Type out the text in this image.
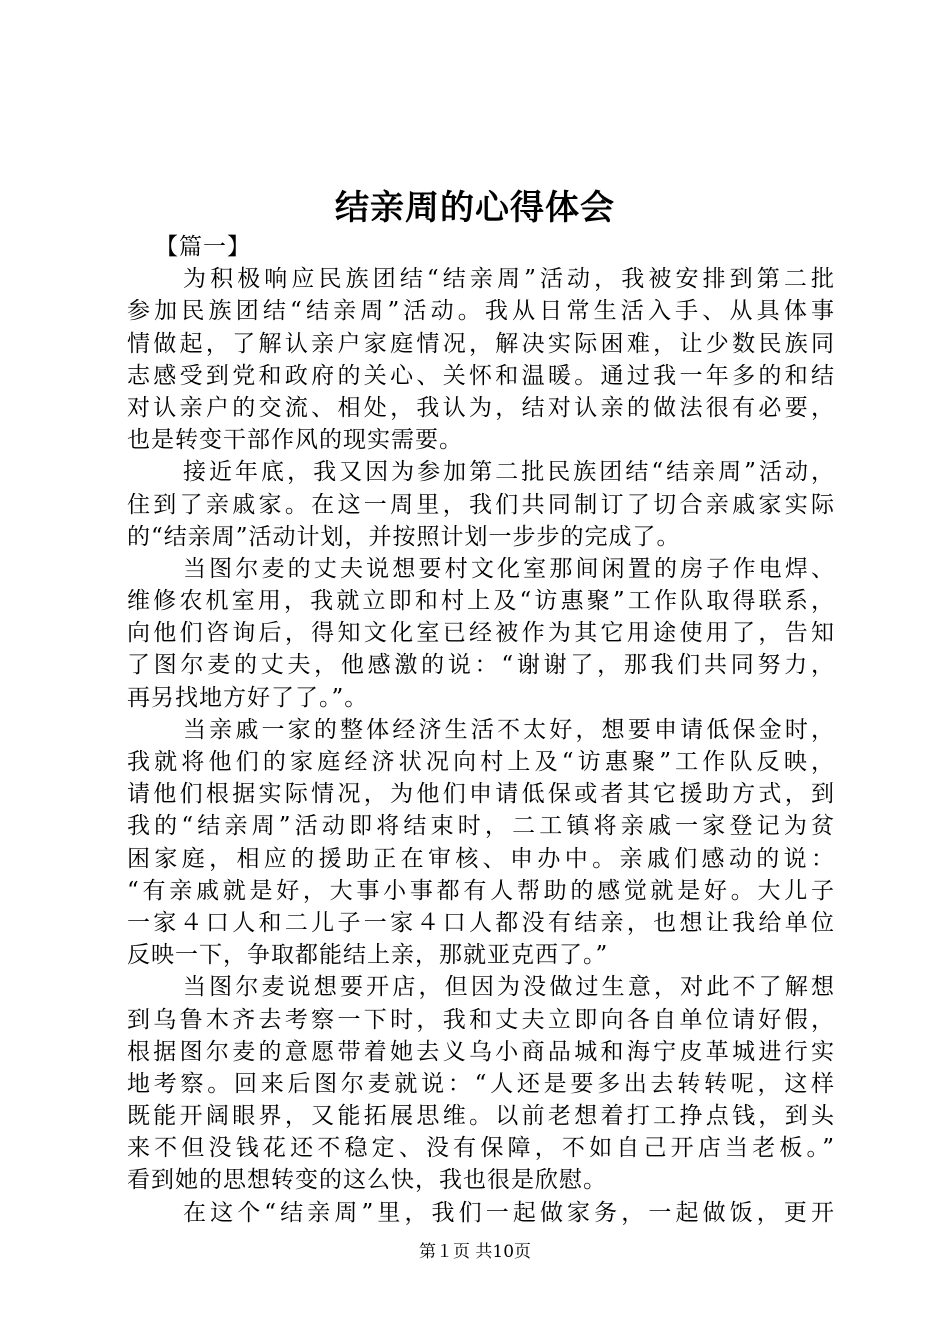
结亲周的心得体会
【篇一】
为积极响应民族团结“结亲周”活动，我被安排到第二批
参加民族团结“结亲周”活动。我从日常生活入手、从具体事
情做起，了解认亲户家庭情况，解决实际困难，让少数民族同
志感受到党和政府的关心、关怀和温暖。通过我一年多的和结
对认亲户的交流、相处，我认为，结对认亲的做法很有必要，
也是转变干部作风的现实需要。
接近年底，我又因为参加第二批民族团结“结亲周”活动，
住到了亲戚家。在这一周里，我们共同制订了切合亲戚家实际
的“结亲周”活动计划，并按照计划一步步的完成了。
当图尔麦的丈夫说想要村文化室那间闲置的房子作电焊、
维修农机室用，我就立即和村上及“访惠聚”工作队取得联系，
向他们咨询后，得知文化室已经被作为其它用途使用了，告知
了图尔麦的丈夫，他感激的说：“谢谢了，那我们共同努力，
再另找地方好了了。”。
当亲戚一家的整体经济生活不太好，想要申请低保金时，
我就将他们的家庭经济状况向村上及“访惠聚”工作队反映，
请他们根据实际情况，为他们申请低保或者其它援助方式，到
我的“结亲周”活动即将结束时，二工镇将亲戚一家登记为贫
困家庭，相应的援助正在审核、申办中。亲戚们感动的说：
“有亲戚就是好，大事小事都有人帮助的感觉就是好。大儿子
一家４口人和二儿子一家４口人都没有结亲，也想让我给单位
反映一下，争取都能结上亲，那就亚克西了。”
当图尔麦说想要开店，但因为没做过生意，对此不了解想
到乌鲁木齐去考察一下时，我和丈夫立即向各自单位请好假，
根据图尔麦的意愿带着她去义乌小商品城和海宁皮革城进行实
地考察。回来后图尔麦就说：“人还是要多出去转转呢，这样
既能开阔眼界，又能拓展思维。以前老想着打工挣点钱，到头
来不但没钱花还不稳定、没有保障，不如自己开店当老板。”
看到她的思想转变的这么快，我也很是欣慰。
在这个“结亲周”里，我们一起做家务，一起做饭，更开
第１页 共10页
